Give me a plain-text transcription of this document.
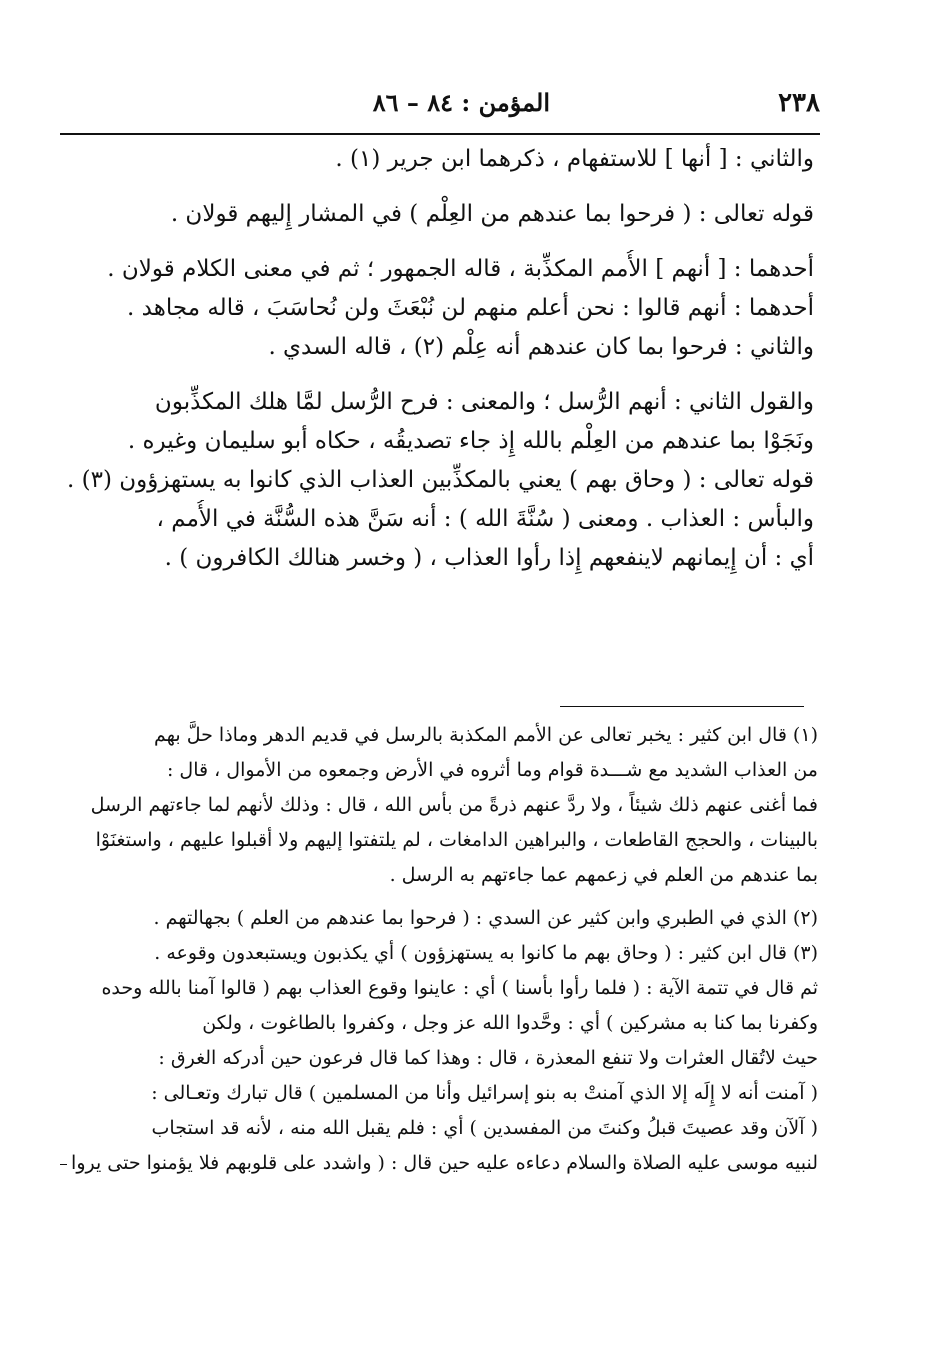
٢٣٨
المؤمن : ٨٤ – ٨٦
والثاني : [ أنها ] للاستفهام ، ذكرهما ابن جرير (١) .
قوله تعالى : ( فرحوا بما عندهم من العِلْم ) في المشار إِليهم قولان .
أحدهما : [ أنهم ] الأُمم المكذِّبة ، قاله الجمهور ؛ ثم في معنى الكلام قولان .
أحدهما : أنهم قالوا : نحن أعلم منهم لن نُبْعَثَ ولن نُحاسَبَ ، قاله مجاهد .
والثاني : فرحوا بما كان عندهم أنه عِلْم (٢) ، قاله السدي .
والقول الثاني : أنهم الرُّسل ؛ والمعنى : فرح الرُّسل لمَّا هلك المكذِّبون
ونَجَوْا بما عندهم من العِلْم بالله إِذ جاء تصديقُه ، حكاه أبو سليمان وغيره .
قوله تعالى : ( وحاق بهم ) يعني بالمكذِّبين العذاب الذي كانوا به يستهزؤون (٣) .
والبأس : العذاب . ومعنى ( سُنَّةَ الله ) : أنه سَنَّ هذه السُّنَّة في الأُمم ،
أي : أن إِيمانهم لاينفعهم إِذا رأوا العذاب ، ( وخسر هنالك الكافرون ) .
(١) قال ابن كثير : يخبر تعالى عن الأمم المكذبة بالرسل في قديم الدهر وماذا حلَّ بهم
من العذاب الشديد مع شـــدة قوام وما أثروه في الأرض وجمعوه من الأموال ، قال :
فما أغنى عنهم ذلك شيئاً ، ولا ردَّ عنهم ذرةً من بأس الله ، قال : وذلك لأنهم لما جاءتهم الرسل
بالبينات ، والحجج القاطعات ، والبراهين الدامغات ، لم يلتفتوا إليهم ولا أقبلوا عليهم ، واستغنَوْا
بما عندهم من العلم في زعمهم عما جاءتهم به الرسل .
(٢) الذي في الطبري وابن كثير عن السدي : ( فرحوا بما عندهم من العلم ) بجهالتهم .
(٣) قال ابن كثير : ( وحاق بهم ما كانوا به يستهزؤون ) أي يكذبون ويستبعدون وقوعه .
ثم قال في تتمة الآية : ( فلما رأوا بأسنا ) أي : عاينوا وقوع العذاب بهم ( قالوا آمنا بالله وحده
وكفرنا بما كنا به مشركين ) أي : وحَّدوا الله عز وجل ، وكفروا بالطاغوت ، ولكن
حيث لاتُقال العثرات ولا تنفع المعذرة ، قال : وهذا كما قال فرعون حين أدركه الغرق :
( آمنت أنه لا إِلَه إلا الذي آمنتْ به بنو إسرائيل وأنا من المسلمين ) قال تبارك وتعـالى :
( آلآن وقد عصيتَ قبلُ وكنتَ من المفسدين ) أي : فلم يقبل الله منه ، لأنه قد استجاب
لنبيه موسى عليه الصلاة والسلام دعاءه عليه حين قال : ( واشدد على قلوبهم فلا يؤمنوا حتى يروا
